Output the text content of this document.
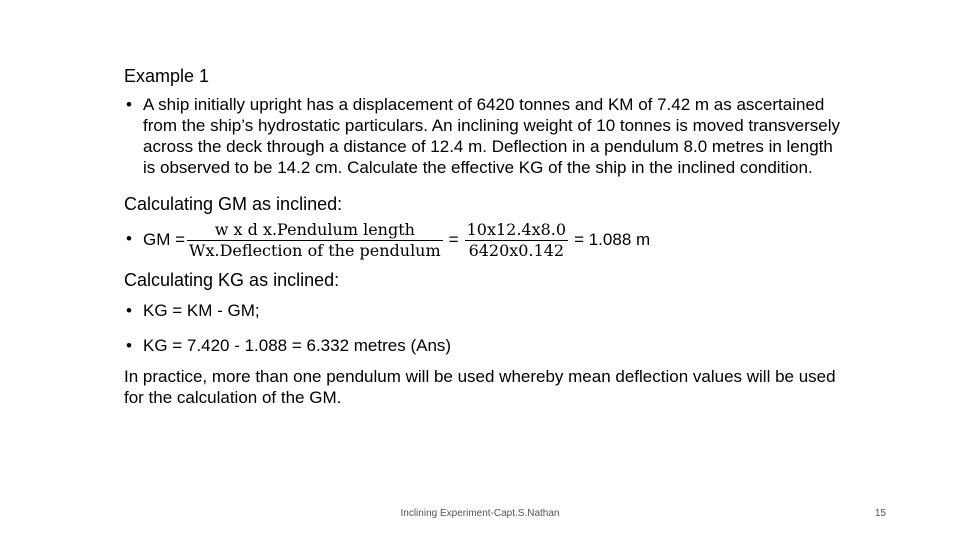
Example 1

• A ship initially upright has a displacement of 6420 tonnes and KM of 7.42 m as ascertained from the ship’s hydrostatic particulars. An inclining weight of 10 tonnes is moved transversely across the deck through a distance of 12.4 m. Deflection in a pendulum 8.0 metres in length is observed to be 14.2 cm. Calculate the effective KG of the ship in the inclined condition.

Calculating GM as inclined:

• GM = $\frac{\text{w x d x.Pendulum length}}{\text{Wx.Deflection of the pendulum}} = \frac{10x12.4x8.0}{6420x0.142} = 1.088$ m

Calculating KG as inclined:

• KG = KM - GM;
• KG = 7.420 - 1.088 = 6.332 metres (Ans)

In practice, more than one pendulum will be used whereby mean deflection values will be used for the calculation of the GM.

Inclining Experiment-Capt.S.Nathan	15
